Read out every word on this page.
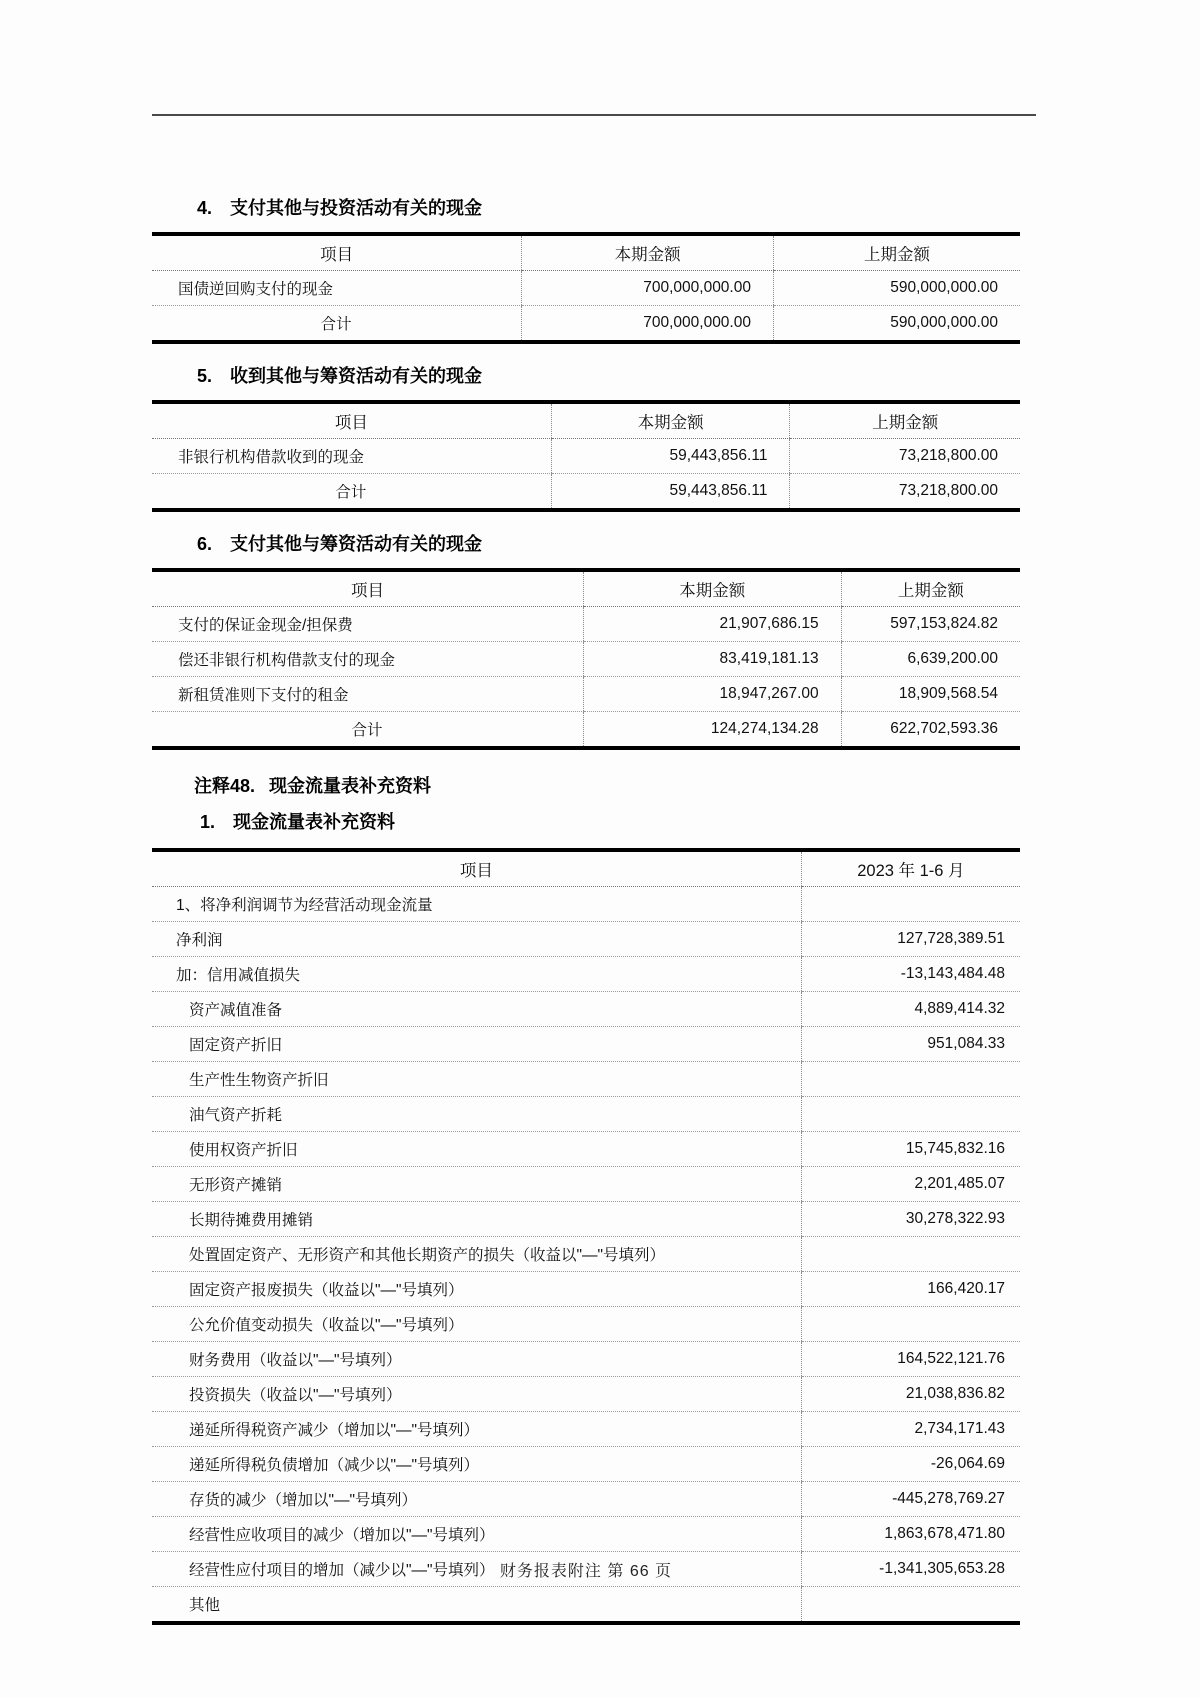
4. 支付其他与投资活动有关的现金
项目	本期金额	上期金额
国债逆回购支付的现金	700,000,000.00	590,000,000.00
合计	700,000,000.00	590,000,000.00
5. 收到其他与筹资活动有关的现金
项目	本期金额	上期金额
非银行机构借款收到的现金	59,443,856.11	73,218,800.00
合计	59,443,856.11	73,218,800.00
6. 支付其他与筹资活动有关的现金
项目	本期金额	上期金额
支付的保证金现金/担保费	21,907,686.15	597,153,824.82
偿还非银行机构借款支付的现金	83,419,181.13	6,639,200.00
新租赁准则下支付的租金	18,947,267.00	18,909,568.54
合计	124,274,134.28	622,702,593.36
注释48. 现金流量表补充资料
1. 现金流量表补充资料
项目	2023 年 1-6 月
1、将净利润调节为经营活动现金流量	
净利润	127,728,389.51
加：信用减值损失	-13,143,484.48
资产减值准备	4,889,414.32
固定资产折旧	951,084.33
生产性生物资产折旧	
油气资产折耗	
使用权资产折旧	15,745,832.16
无形资产摊销	2,201,485.07
长期待摊费用摊销	30,278,322.93
处置固定资产、无形资产和其他长期资产的损失（收益以"—"号填列）	
固定资产报废损失（收益以"—"号填列）	166,420.17
公允价值变动损失（收益以"—"号填列）	
财务费用（收益以"—"号填列）	164,522,121.76
投资损失（收益以"—"号填列）	21,038,836.82
递延所得税资产减少（增加以"—"号填列）	2,734,171.43
递延所得税负债增加（减少以"—"号填列）	-26,064.69
存货的减少（增加以"—"号填列）	-445,278,769.27
经营性应收项目的减少（增加以"—"号填列）	1,863,678,471.80
经营性应付项目的增加（减少以"—"号填列）	-1,341,305,653.28
其他	
财务报表附注 第 66 页
